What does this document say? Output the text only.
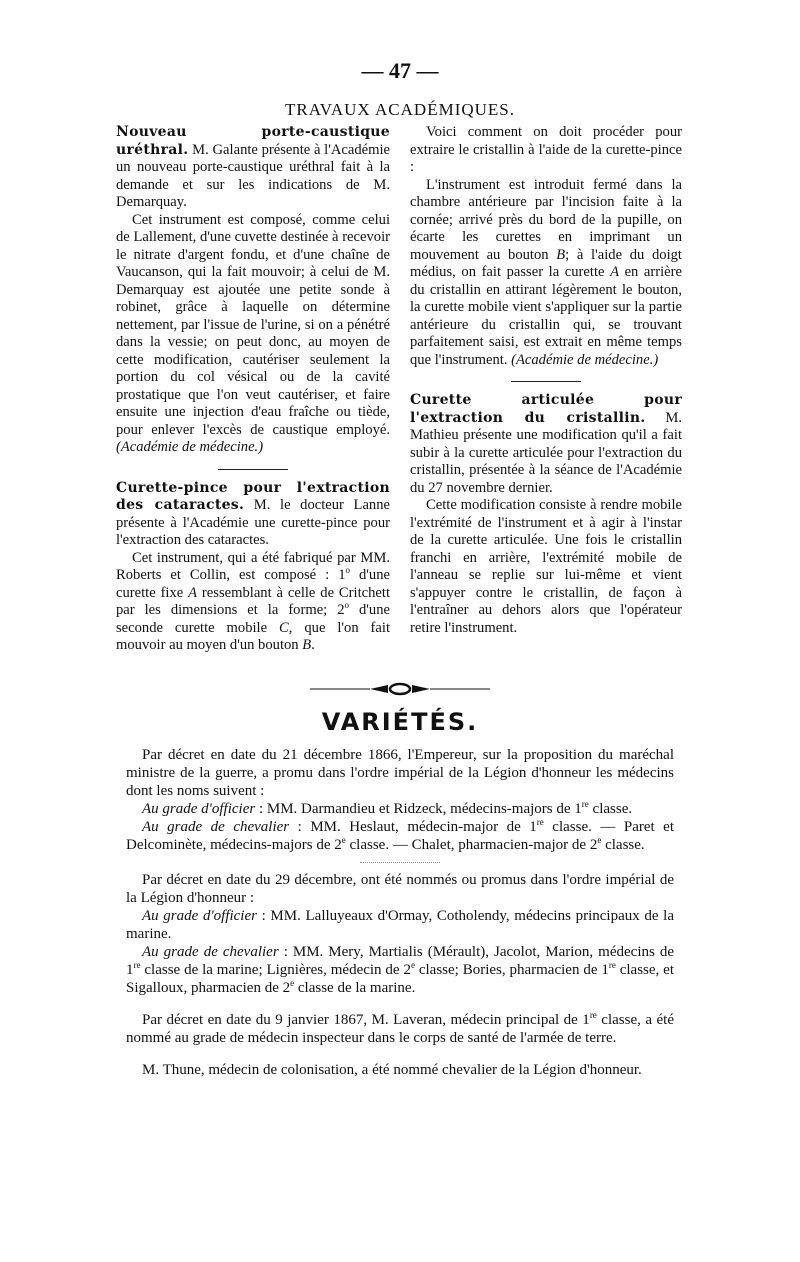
— 47 —
TRAVAUX ACADÉMIQUES.

Nouveau porte-caustique uréthral. M. Galante présente à l'Académie un nouveau porte-caustique uréthral fait à la demande et sur les indications de M. Demarquay.

Cet instrument est composé, comme celui de Lallement, d'une cuvette destinée à recevoir le nitrate d'argent fondu, et d'une chaîne de Vaucanson, qui la fait mouvoir; à celui de M. Demarquay est ajoutée une petite sonde à robinet, grâce à laquelle on détermine nettement, par l'issue de l'urine, si on a pénétré dans la vessie; on peut donc, au moyen de cette modification, cautériser seulement la portion du col vésical ou de la cavité prostatique que l'on veut cautériser, et faire ensuite une injection d'eau fraîche ou tiède, pour enlever l'excès de caustique employé. (Académie de médecine.)

Curette-pince pour l'extraction des cataractes. M. le docteur Lanne présente à l'Académie une curette-pince pour l'extraction des cataractes.

Cet instrument, qui a été fabriqué par MM. Roberts et Collin, est composé : 1$^o$ d'une curette fixe A ressemblant à celle de Critchett par les dimensions et la forme; 2$^o$ d'une seconde curette mobile C, que l'on fait mouvoir au moyen d'un bouton B.

Voici comment on doit procéder pour extraire le cristallin à l'aide de la curette-pince :

L'instrument est introduit fermé dans la chambre antérieure par l'incision faite à la cornée; arrivé près du bord de la pupille, on écarte les curettes en imprimant un mouvement au bouton B; à l'aide du doigt médius, on fait passer la curette A en arrière du cristallin en attirant légèrement le bouton, la curette mobile vient s'appliquer sur la partie antérieure du cristallin qui, se trouvant parfaitement saisi, est extrait en même temps que l'instrument. (Académie de médecine.)

Curette articulée pour l'extraction du cristallin. M. Mathieu présente une modification qu'il a fait subir à la curette articulée pour l'extraction du cristallin, présentée à la séance de l'Académie du 27 novembre dernier.

Cette modification consiste à rendre mobile l'extrémité de l'instrument et à agir à l'instar de la curette articulée. Une fois le cristallin franchi en arrière, l'extrémité mobile de l'anneau se replie sur lui-même et vient s'appuyer contre le cristallin, de façon à l'entraîner au dehors alors que l'opérateur retire l'instrument.

VARIÉTÉS.

Par décret en date du 21 décembre 1866, l'Empereur, sur la proposition du maréchal ministre de la guerre, a promu dans l'ordre impérial de la Légion d'honneur les médecins dont les noms suivent :

Au grade d'officier : MM. Darmandieu et Ridzeck, médecins-majors de 1re classe.

Au grade de chevalier : MM. Heslaut, médecin-major de 1re classe. — Paret et Delcominète, médecins-majors de 2e classe. — Chalet, pharmacien-major de 2e classe.

Par décret en date du 29 décembre, ont été nommés ou promus dans l'ordre impérial de la Légion d'honneur :

Au grade d'officier : MM. Lalluyeaux d'Ormay, Cotholendy, médecins principaux de la marine.

Au grade de chevalier : MM. Mery, Martialis (Mérault), Jacolot, Marion, médecins de 1re classe de la marine; Lignières, médecin de 2e classe; Bories, pharmacien de 1re classe, et Sigalloux, pharmacien de 2e classe de la marine.

Par décret en date du 9 janvier 1867, M. Laveran, médecin principal de 1re classe, a été nommé au grade de médecin inspecteur dans le corps de santé de l'armée de terre.

M. Thune, médecin de colonisation, a été nommé chevalier de la Légion d'honneur.
